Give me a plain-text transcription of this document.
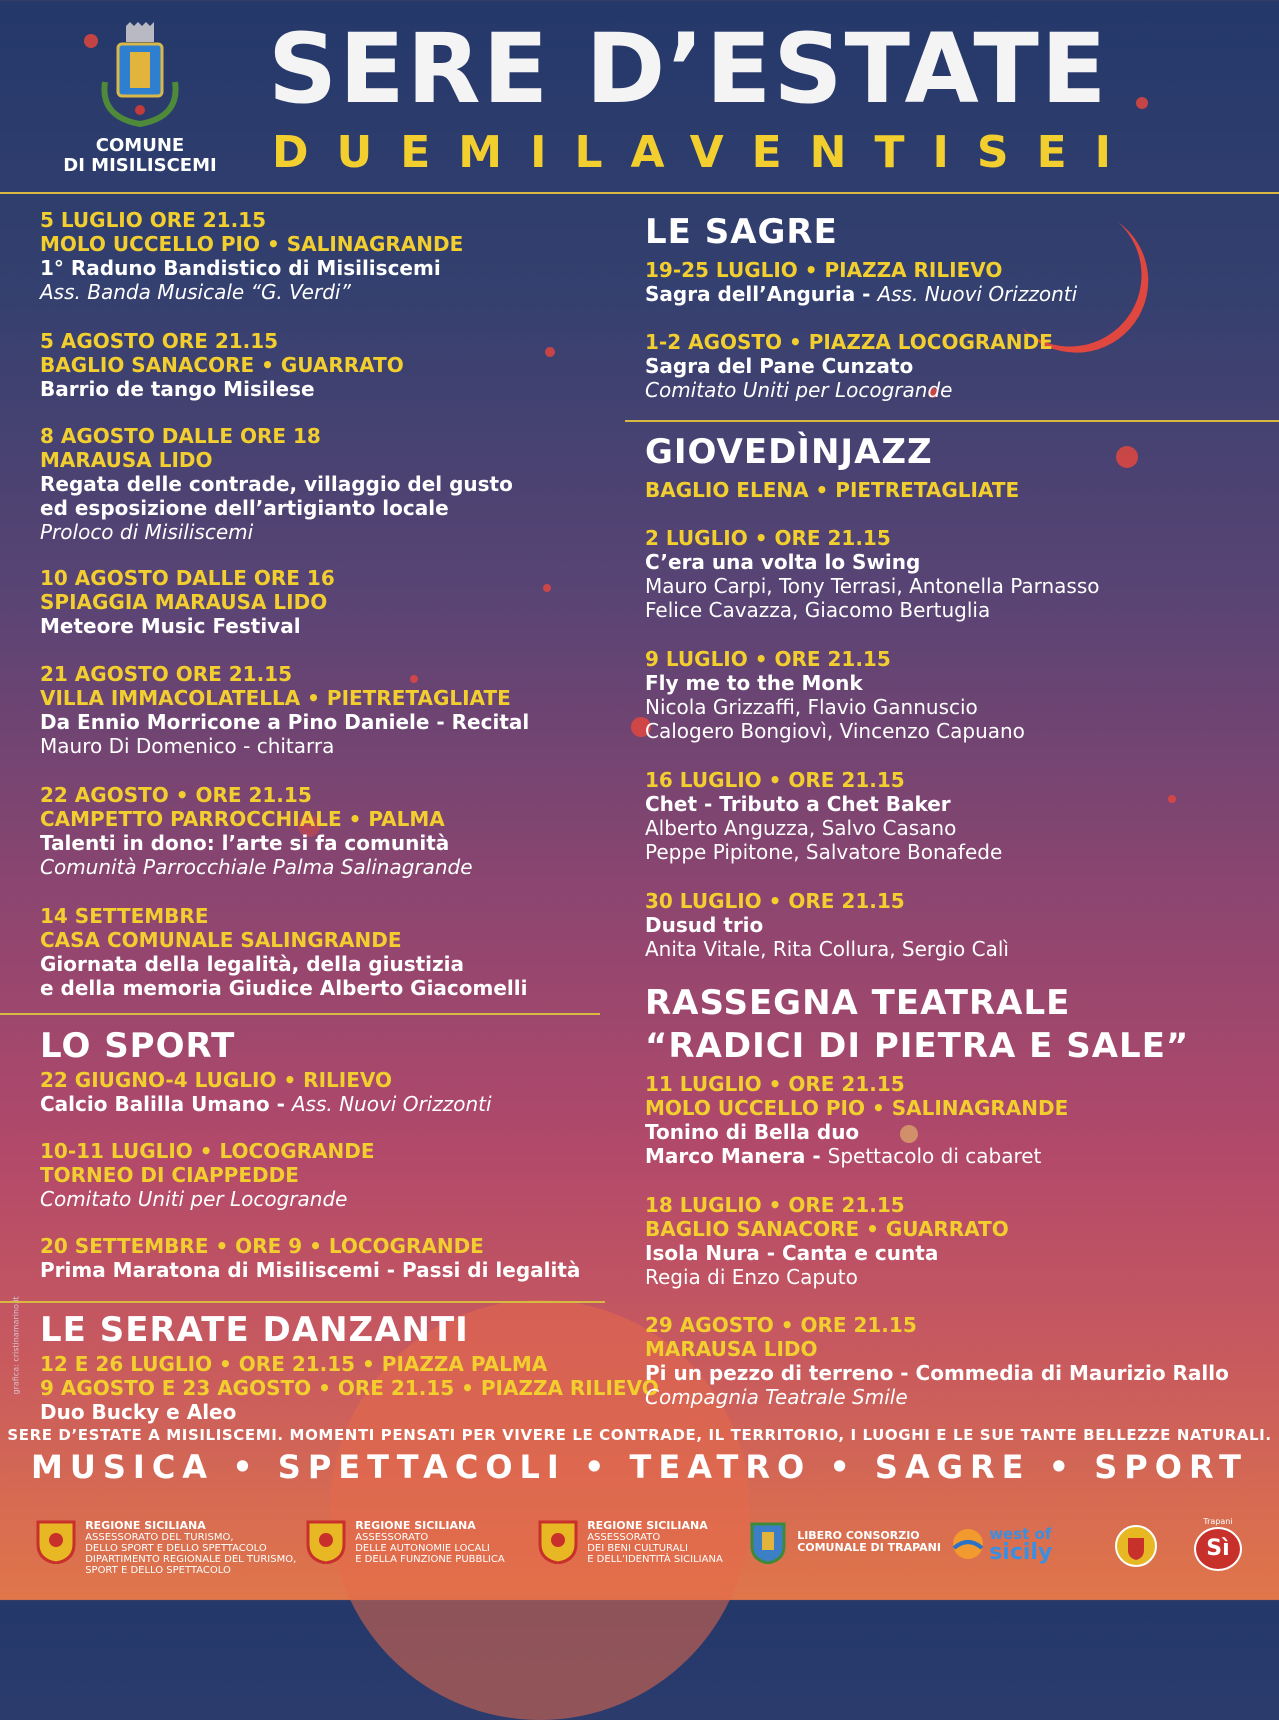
COMUNE
DI MISILISCEMI
SERE D’ESTATE
DUEMILAVENTISEI
5 LUGLIO ORE 21.15
MOLO UCCELLO PIO • SALINAGRANDE
1° Raduno Bandistico di Misiliscemi
Ass. Banda Musicale “G. Verdi”
5 AGOSTO ORE 21.15
BAGLIO SANACORE • GUARRATO
Barrio de tango Misilese
8 AGOSTO DALLE ORE 18
MARAUSA LIDO
Regata delle contrade, villaggio del gusto
ed esposizione dell’artigianto locale
Proloco di Misiliscemi
10 AGOSTO DALLE ORE 16
SPIAGGIA MARAUSA LIDO
Meteore Music Festival
21 AGOSTO ORE 21.15
VILLA IMMACOLATELLA • PIETRETAGLIATE
Da Ennio Morricone a Pino Daniele - Recital
Mauro Di Domenico - chitarra
22 AGOSTO • ORE 21.15
CAMPETTO PARROCCHIALE • PALMA
Talenti in dono: l’arte si fa comunità
Comunità Parrocchiale Palma Salinagrande
14 SETTEMBRE
CASA COMUNALE SALINGRANDE
Giornata della legalità, della giustizia
e della memoria Giudice Alberto Giacomelli
LO SPORT
22 GIUGNO-4 LUGLIO • RILIEVO
Calcio Balilla Umano - Ass. Nuovi Orizzonti
10-11 LUGLIO • LOCOGRANDE
TORNEO DI CIAPPEDDE
Comitato Uniti per Locogrande
20 SETTEMBRE • ORE 9 • LOCOGRANDE
Prima Maratona di Misiliscemi - Passi di legalità
LE SERATE DANZANTI
12 E 26 LUGLIO • ORE 21.15 • PIAZZA PALMA
9 AGOSTO E 23 AGOSTO • ORE 21.15 • PIAZZA RILIEVO
Duo Bucky e Aleo
LE SAGRE
19-25 LUGLIO • PIAZZA RILIEVO
Sagra dell’Anguria - Ass. Nuovi Orizzonti
1-2 AGOSTO • PIAZZA LOCOGRANDE
Sagra del Pane Cunzato
Comitato Uniti per Locogrande
GIOVEDÌNJAZZ
BAGLIO ELENA • PIETRETAGLIATE
2 LUGLIO • ORE 21.15
C’era una volta lo Swing
Mauro Carpi, Tony Terrasi, Antonella Parnasso
Felice Cavazza, Giacomo Bertuglia
9 LUGLIO • ORE 21.15
Fly me to the Monk
Nicola Grizzaffi, Flavio Gannuscio
Calogero Bongiovì, Vincenzo Capuano
16 LUGLIO • ORE 21.15
Chet - Tributo a Chet Baker
Alberto Anguzza, Salvo Casano
Peppe Pipitone, Salvatore Bonafede
30 LUGLIO • ORE 21.15
Dusud trio
Anita Vitale, Rita Collura, Sergio Calì
RASSEGNA TEATRALE
“RADICI DI PIETRA E SALE”
11 LUGLIO • ORE 21.15
MOLO UCCELLO PIO • SALINAGRANDE
Tonino di Bella duo
Marco Manera - Spettacolo di cabaret
18 LUGLIO • ORE 21.15
BAGLIO SANACORE • GUARRATO
Isola Nura - Canta e cunta
Regia di Enzo Caputo
29 AGOSTO • ORE 21.15
MARAUSA LIDO
Pi un pezzo di terreno - Commedia di Maurizio Rallo
Compagnia Teatrale Smile
grafica: cristinamarino.it
SERE D’ESTATE A MISILISCEMI. MOMENTI PENSATI PER VIVERE LE CONTRADE, IL TERRITORIO, I LUOGHI E LE SUE TANTE BELLEZZE NATURALI.
MUSICA • SPETTACOLI • TEATRO • SAGRE • SPORT
REGIONE SICILIANA
ASSESSORATO DEL TURISMO,
DELLO SPORT E DELLO SPETTACOLO
DIPARTIMENTO REGIONALE DEL TURISMO,
SPORT E DELLO SPETTACOLO
REGIONE SICILIANA
ASSESSORATO
DELLE AUTONOMIE LOCALI
E DELLA FUNZIONE PUBBLICA
REGIONE SICILIANA
ASSESSORATO
DEI BENI CULTURALI
E DELL’IDENTITÀ SICILIANA
LIBERO CONSORZIO
COMUNALE DI TRAPANI
west of
sicily
Trapani
Sì
